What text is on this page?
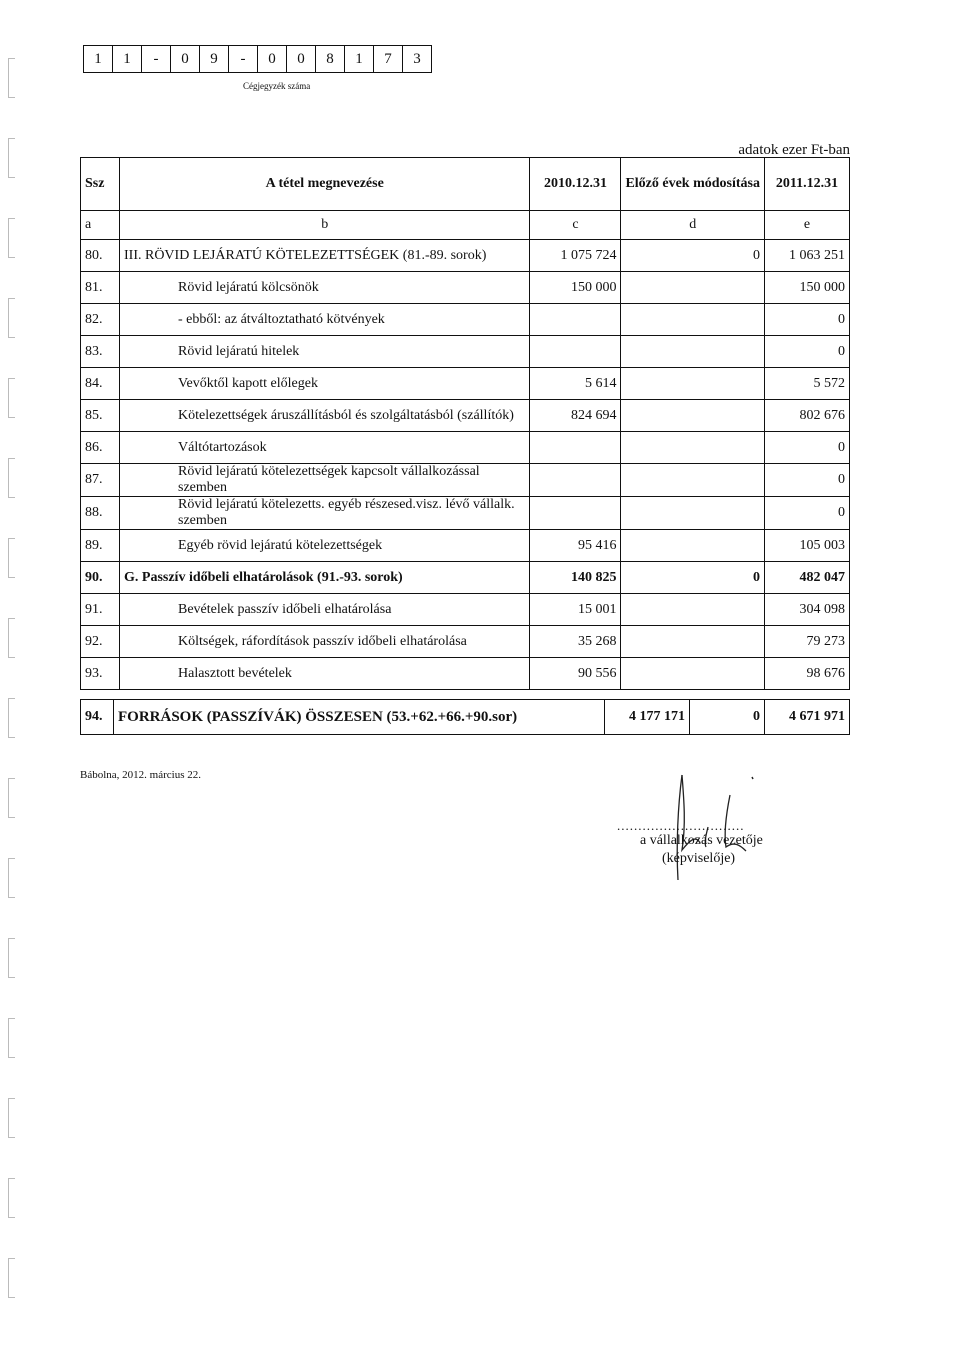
1	1	-	0	9	-	0	0	8	1	7	3
Cégjegyzék száma
adatok ezer Ft-ban
Ssz	A tétel megnevezése	2010.12.31	Előző évek módosítása	2011.12.31
a	b	c	d	e
80.	III. RÖVID LEJÁRATÚ KÖTELEZETTSÉGEK (81.-89. sorok)	1 075 724	0	1 063 251
81.	Rövid lejáratú kölcsönök	150 000		150 000
82.	- ebből: az átváltoztatható kötvények			0
83.	Rövid lejáratú hitelek			0
84.	Vevőktől kapott előlegek	5 614		5 572
85.	Kötelezettségek áruszállításból és szolgáltatásból (szállítók)	824 694		802 676
86.	Váltótartozások			0
87.	Rövid lejáratú kötelezettségek kapcsolt vállalkozással szemben			0
88.	Rövid lejáratú kötelezetts. egyéb részesed.visz. lévő vállalk. szemben			0
89.	Egyéb rövid lejáratú kötelezettségek	95 416		105 003
90.	G. Passzív időbeli elhatárolások (91.-93. sorok)	140 825	0	482 047
91.	Bevételek passzív időbeli elhatárolása	15 001		304 098
92.	Költségek, ráfordítások passzív időbeli elhatárolása	35 268		79 273
93.	Halasztott bevételek	90 556		98 676
94.	FORRÁSOK (PASSZÍVÁK) ÖSSZESEN (53.+62.+66.+90.sor)	4 177 171	0	4 671 971
Bábolna, 2012. március 22.
..............................
a vállalkozás vezetője
(képviselője)
